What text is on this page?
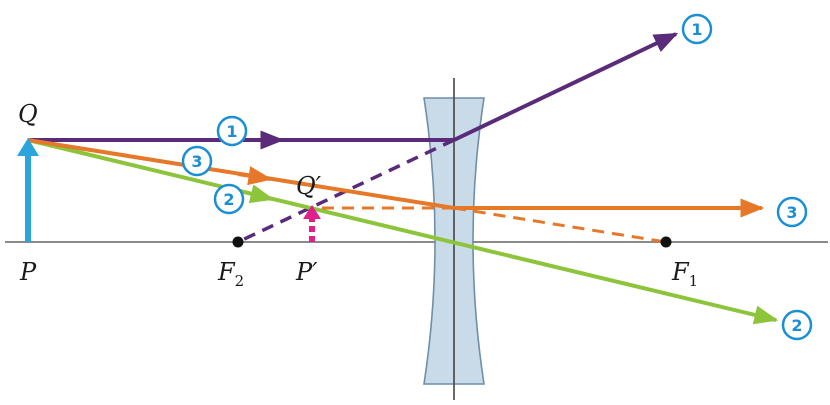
Q
P	$F_2$	$F_1$
Q′
P′
1
1
3
2
3
2
